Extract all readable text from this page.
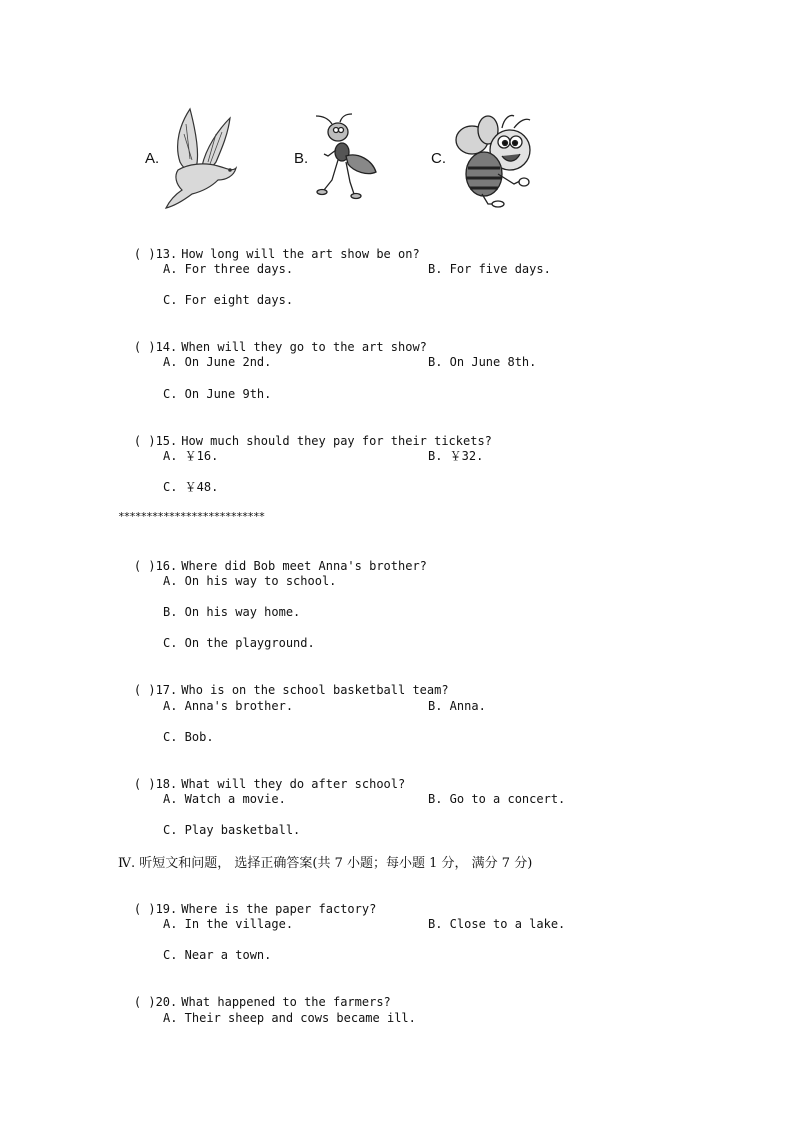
A.	B.	C.

( )13. How long will the art show be on?

A. For three days.	B. For five days.
C. For eight days.

( )14. When will they go to the art show?

A. On June 2nd.	B. On June 8th.
C. On June 9th.

( )15. How much should they pay for their tickets?

A. ￥16.	B. ￥32.
C. ￥48.
**************************

( )16. Where did Bob meet Anna's brother?

A. On his way to school.
B. On his way home.
C. On the playground.

( )17. Who is on the school basketball team?

A. Anna's brother.	B. Anna.
C. Bob.

( )18. What will they do after school?

A. Watch a movie.	B. Go to a concert.
C. Play basketball.
Ⅳ. 听短文和问题， 选择正确答案(共 7 小题；每小题 1 分， 满分 7 分)

( )19. Where is the paper factory?

A. In the village.	B. Close to a lake.
C. Near a town.

( )20. What happened to the farmers?

A. Their sheep and cows became ill.
